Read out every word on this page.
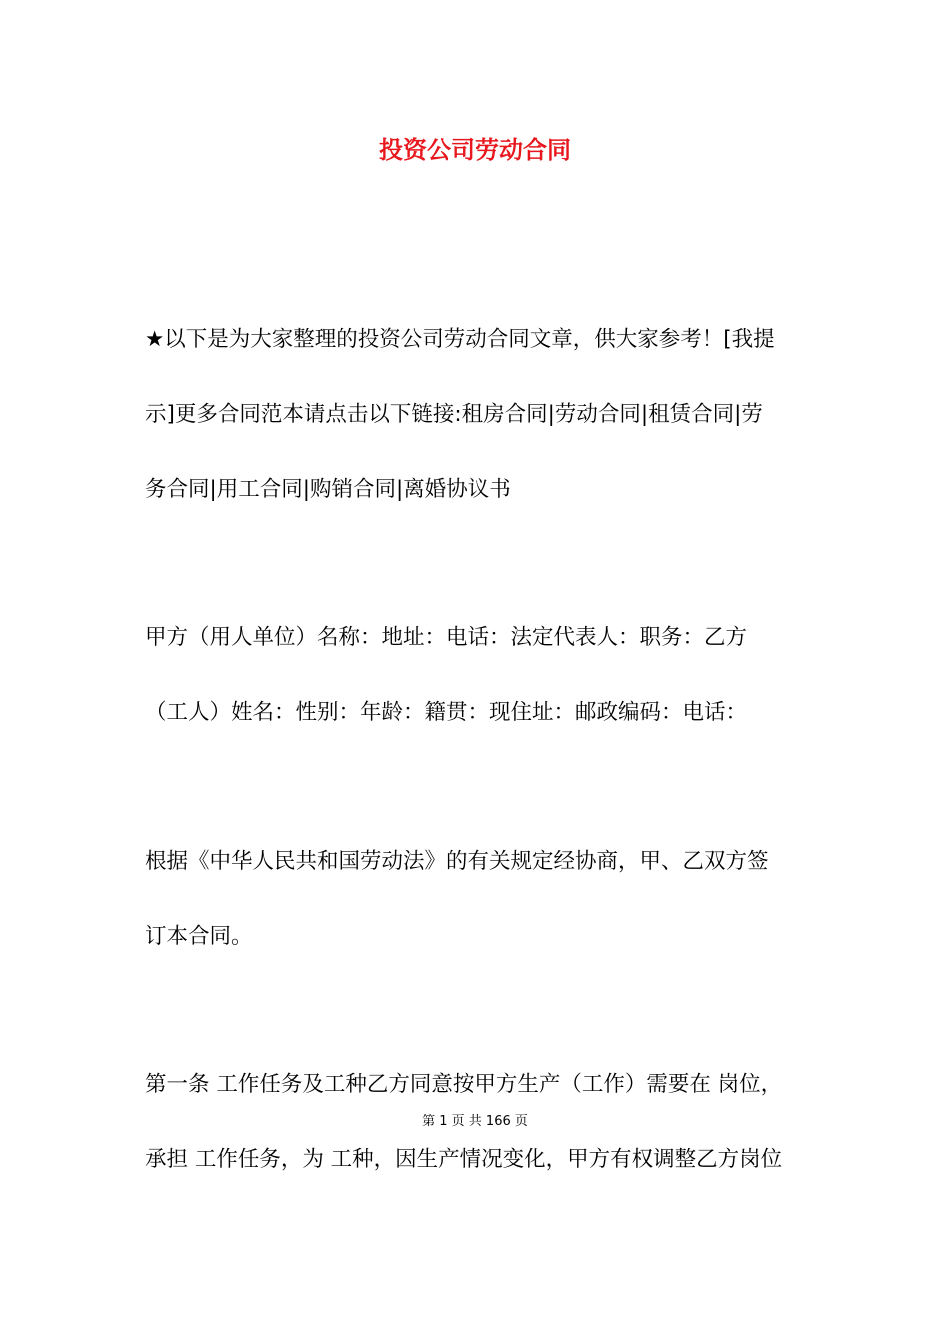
投资公司劳动合同
★以下是为大家整理的投资公司劳动合同文章，供大家参考！[我提
示]更多合同范本请点击以下链接:租房合同|劳动合同|租赁合同|劳
务合同|用工合同|购销合同|离婚协议书
甲方（用人单位）名称：地址：电话：法定代表人：职务：乙方
（工人）姓名：性别：年龄：籍贯：现住址：邮政编码：电话：
根据《中华人民共和国劳动法》的有关规定经协商，甲、乙双方签
订本合同。
第一条 工作任务及工种乙方同意按甲方生产（工作）需要在 岗位，
第 1 页 共 166 页
承担 工作任务，为 工种，因生产情况变化，甲方有权调整乙方岗位
